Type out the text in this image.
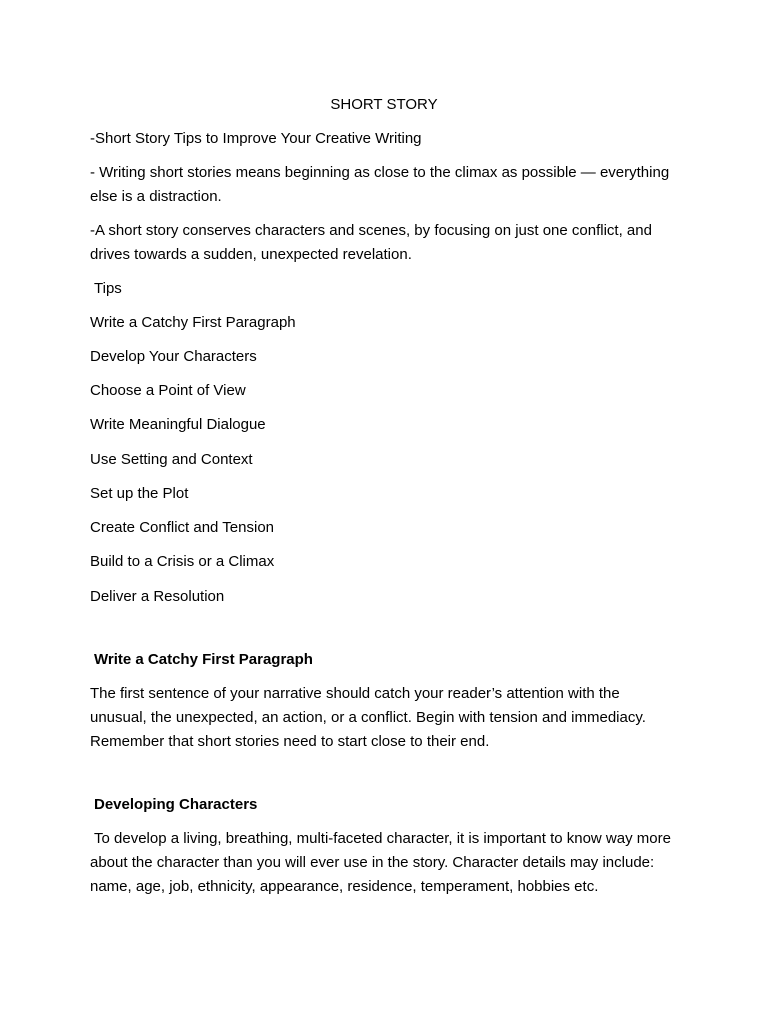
SHORT STORY
-Short Story Tips to Improve Your Creative Writing
- Writing short stories means beginning as close to the climax as possible — everything else is a distraction.
-A short story conserves characters and scenes, by focusing on just one conflict, and drives towards a sudden, unexpected revelation.
Tips
Write a Catchy First Paragraph
Develop Your Characters
Choose a Point of View
Write Meaningful Dialogue
Use Setting and Context
Set up the Plot
Create Conflict and Tension
Build to a Crisis or a Climax
Deliver a Resolution
Write a Catchy First Paragraph
The first sentence of your narrative should catch your reader’s attention with the unusual, the unexpected, an action, or a conflict. Begin with tension and immediacy. Remember that short stories need to start close to their end.
Developing Characters
To develop a living, breathing, multi-faceted character, it is important to know way more about the character than you will ever use in the story. Character details may include: name, age, job, ethnicity, appearance, residence, temperament, hobbies etc.
